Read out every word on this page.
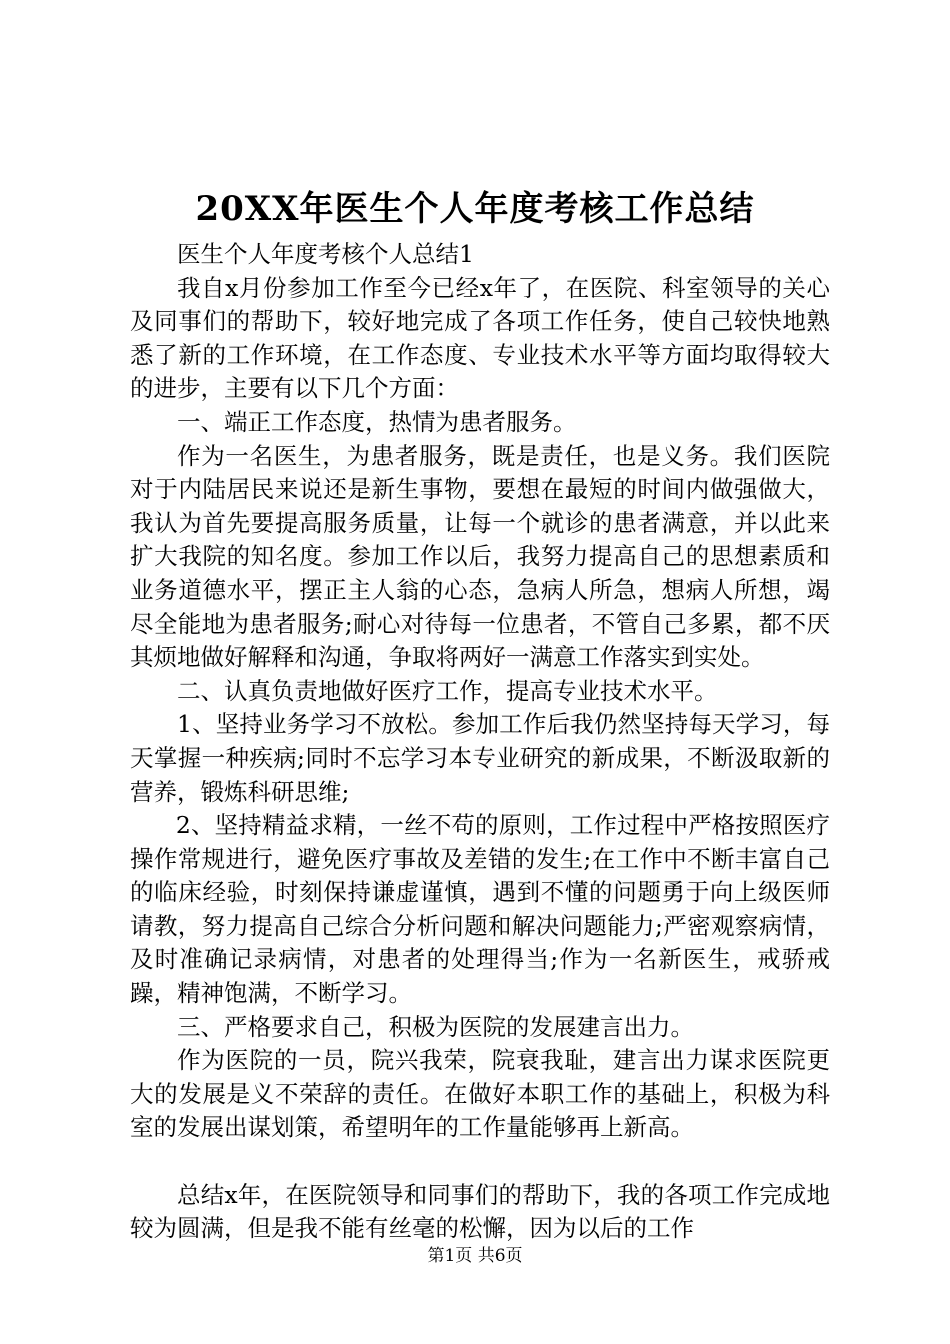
20XX年医生个人年度考核工作总结

医生个人年度考核个人总结1

我自x月份参加工作至今已经x年了，在医院、科室领导的关心及同事们的帮助下，较好地完成了各项工作任务，使自己较快地熟悉了新的工作环境，在工作态度、专业技术水平等方面均取得较大的进步，主要有以下几个方面：

一、端正工作态度，热情为患者服务。

作为一名医生，为患者服务，既是责任，也是义务。我们医院对于内陆居民来说还是新生事物，要想在最短的时间内做强做大，我认为首先要提高服务质量，让每一个就诊的患者满意，并以此来扩大我院的知名度。参加工作以后，我努力提高自己的思想素质和业务道德水平，摆正主人翁的心态，急病人所急，想病人所想，竭尽全能地为患者服务;耐心对待每一位患者，不管自己多累，都不厌其烦地做好解释和沟通，争取将两好一满意工作落实到实处。

二、认真负责地做好医疗工作，提高专业技术水平。

1、坚持业务学习不放松。参加工作后我仍然坚持每天学习，每天掌握一种疾病;同时不忘学习本专业研究的新成果，不断汲取新的营养，锻炼科研思维;

2、坚持精益求精，一丝不苟的原则，工作过程中严格按照医疗操作常规进行，避免医疗事故及差错的发生;在工作中不断丰富自己的临床经验，时刻保持谦虚谨慎，遇到不懂的问题勇于向上级医师请教，努力提高自己综合分析问题和解决问题能力;严密观察病情，及时准确记录病情，对患者的处理得当;作为一名新医生，戒骄戒躁，精神饱满，不断学习。

三、严格要求自己，积极为医院的发展建言出力。

作为医院的一员，院兴我荣，院衰我耻，建言出力谋求医院更大的发展是义不荣辞的责任。在做好本职工作的基础上，积极为科室的发展出谋划策，希望明年的工作量能够再上新高。

总结x年，在医院领导和同事们的帮助下，我的各项工作完成地较为圆满，但是我不能有丝毫的松懈，因为以后的工作

第1页 共6页
